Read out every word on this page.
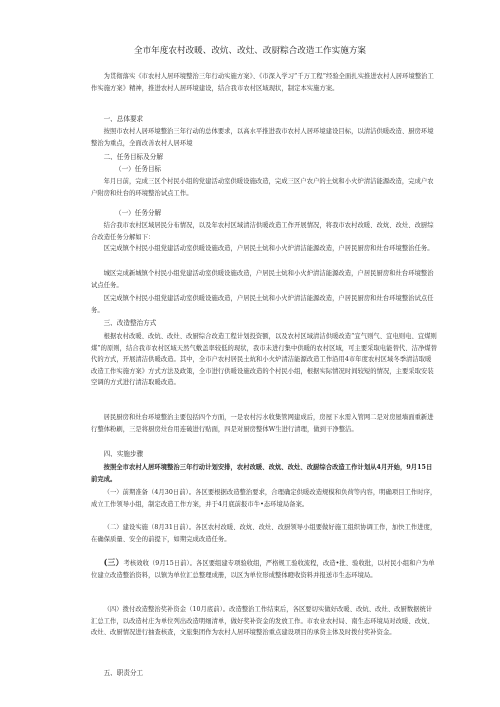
全市年度农村改暖、改炕、改灶、改厨粽合改造工作实施方案
为贯彻落实《市农村人居环境整治三年行动实施方案》、《市深入学习“千万工程”经验全面扎实推进农村人居环境整治工作实施方案》精神，推进农村人居环境建设，结合我市农村区域现状，制定本实施方案。
一、总体要求
按照市农村人居环境整治三年行动的总体要求，以高水平推进我市农村人居环境建设目标，以清洁供暖改造、厨房环境整治为重点，全面改善农村人居环境
二、任务目标及分解
（一）任务目标
年月日前，完成三区个村民小组的党建活动室供暖设施改造，完成三区户农户的土炕和小火炉清洁能源改造，完成户农户附房和灶台的环境整治试点工作。
（一）任务分解
结合我市农村区域居民分布情况，以及年农村区域清洁供暖改造工作开展情况，将我市农村改暖、改炕、改灶、改厨综合改造任务分解如下：
区完成镇个村民小组党建活动室供暖设施改造，户居民土炕和小火炉清洁能源改造，户居民厨房和灶台环境整治任务。
城区完成新城镇个村民小组党建活动室供暖设施改造，户居民土炕和小火炉清洁能源改造，户居民厨房和灶台环境整治试点任务。
区完成镇个村民小组党建活动室供暖设施改造，户居民土炕和小火炉清洁能源改造，户居民厨房和灶台环境整治试点任务。
三、改造整治方式
根据农村改暖、改炕、改灶、改厨综合改造工程计划投资额，以及农村区域清洁供暖改造“宜气则气、宜电则电、宜煤则煤”的原则，结合我市农村区域天然气敷盖率较低的现状，我市未进行集中供暖的农村区域，可主要采取电能替代、洁净煤替代的方式，开展清洁供暖改造。其中，全市户农村居民土炕和小火炉清洁能源改造工作沿用4市年度农村区域冬季清洁取暖改造工作实施方案》方式方法及政策，全市进行供暖设施改造的个村民小组，根据实际情况时间较短的情况，主要采取安装空调的方式进行清洁取暖改造。
居民厨房和灶台环境整治主要包括四个方面，一是农村污水收集管网建成后，房屋下水需入管网二是对房屋墙面重新进行整体粉刷，三是将厨房灶台用连破进行贴面，四是对厨房整体W生进行清理，做到干净整洁。
四、实施步骤
按照全市农村人居环境整治三年行动计划安排，农村改暖、改炕、改灶、改厨综合改造工作计划从4月开始，9月15日前完成。
（一）前期准备（4月30日前）。各区要根据改造整治要求，合理确定供暖改造规模和负荷等内容，明确项目工作时序，成立工作领导小组，制定改造工作方案，并于4月底前报市牛•态环境局备案。
（二）建设实施（8月31日前）。各区农村改暖、改炕、改灶、改厨领导小组要做好施工组织协调工作，加快工作进度，在确保质量、安全的前提下，如期完成改造任务。
(三）考核效收（9月15日前）。各区要组建专项验收组，严格规工验收流程，改造•批、验收批，以村民小组和户为单位建立改造整治资料，以镇为单位汇总整理成册，以区为单位形成整体瞪收资料并报送市生态环境局。
（四）拨付改造整治奖补资金（10月底前）。改造整治工作结束后，各区要切实做好改暖、改炕、改灶、改厨数据统计汇总工作，以改造村庄为单位列出改造明细清单，做好奖补资金的发放工作。市农业农村局、南生态环境局对改暖、改炕、改灶、改厨情况进行抽查核查，文旅集团作为农村人居环境整治重点建设项目的承贷主体及时拨付奖补资金。
五、职责分工
